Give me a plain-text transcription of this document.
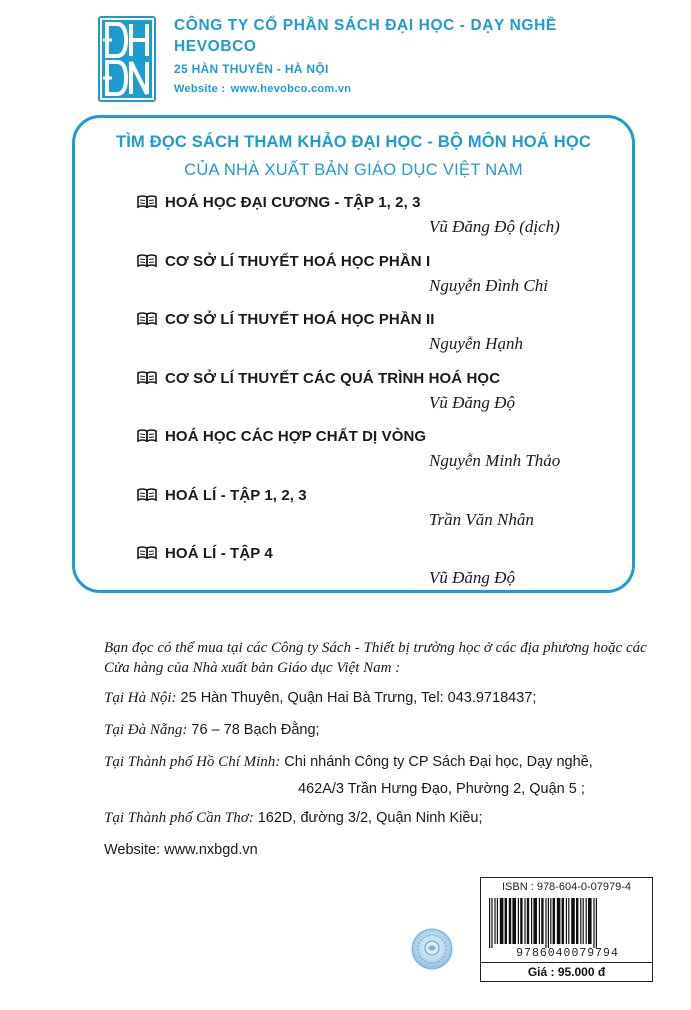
CÔNG TY CỔ PHẦN SÁCH ĐẠI HỌC - DẠY NGHỀ
HEVOBCO
25 HÀN THUYÊN - HÀ NỘI
Website : www.hevobco.com.vn
TÌM ĐỌC SÁCH THAM KHẢO ĐẠI HỌC - BỘ MÔN HOÁ HỌC
CỦA NHÀ XUẤT BẢN GIÁO DỤC VIỆT NAM
HOÁ HỌC ĐẠI CƯƠNG - TẬP 1, 2, 3
Vũ Đăng Độ (dịch)
CƠ SỞ LÍ THUYẾT HOÁ HỌC PHẦN I
Nguyễn Đình Chi
CƠ SỞ LÍ THUYẾT HOÁ HỌC PHẦN II
Nguyễn Hạnh
CƠ SỞ LÍ THUYẾT CÁC QUÁ TRÌNH HOÁ HỌC
Vũ Đăng Độ
HOÁ HỌC CÁC HỢP CHẤT DỊ VÒNG
Nguyễn Minh Thảo
HOÁ LÍ - TẬP 1, 2, 3
Trần Văn Nhân
HOÁ LÍ - TẬP 4
Vũ Đăng Độ
Bạn đọc có thể mua tại các Công ty Sách - Thiết bị trường học ở các địa phương hoặc các Cửa hàng của Nhà xuất bản Giáo dục Việt Nam :
Tại Hà Nội: 25 Hàn Thuyên, Quận Hai Bà Trưng, Tel: 043.9718437;
Tại Đà Nẵng: 76 – 78 Bạch Đằng;
Tại Thành phố Hồ Chí Minh: Chi nhánh Công ty CP Sách Đại học, Dạy nghề,
462A/3 Trần Hưng Đạo, Phường 2, Quận 5 ;
Tại Thành phố Cần Thơ: 162D, đường 3/2, Quận Ninh Kiều;
Website: www.nxbgd.vn
ISBN : 978-604-0-07979-4
9786040079794
Giá : 95.000 đ
